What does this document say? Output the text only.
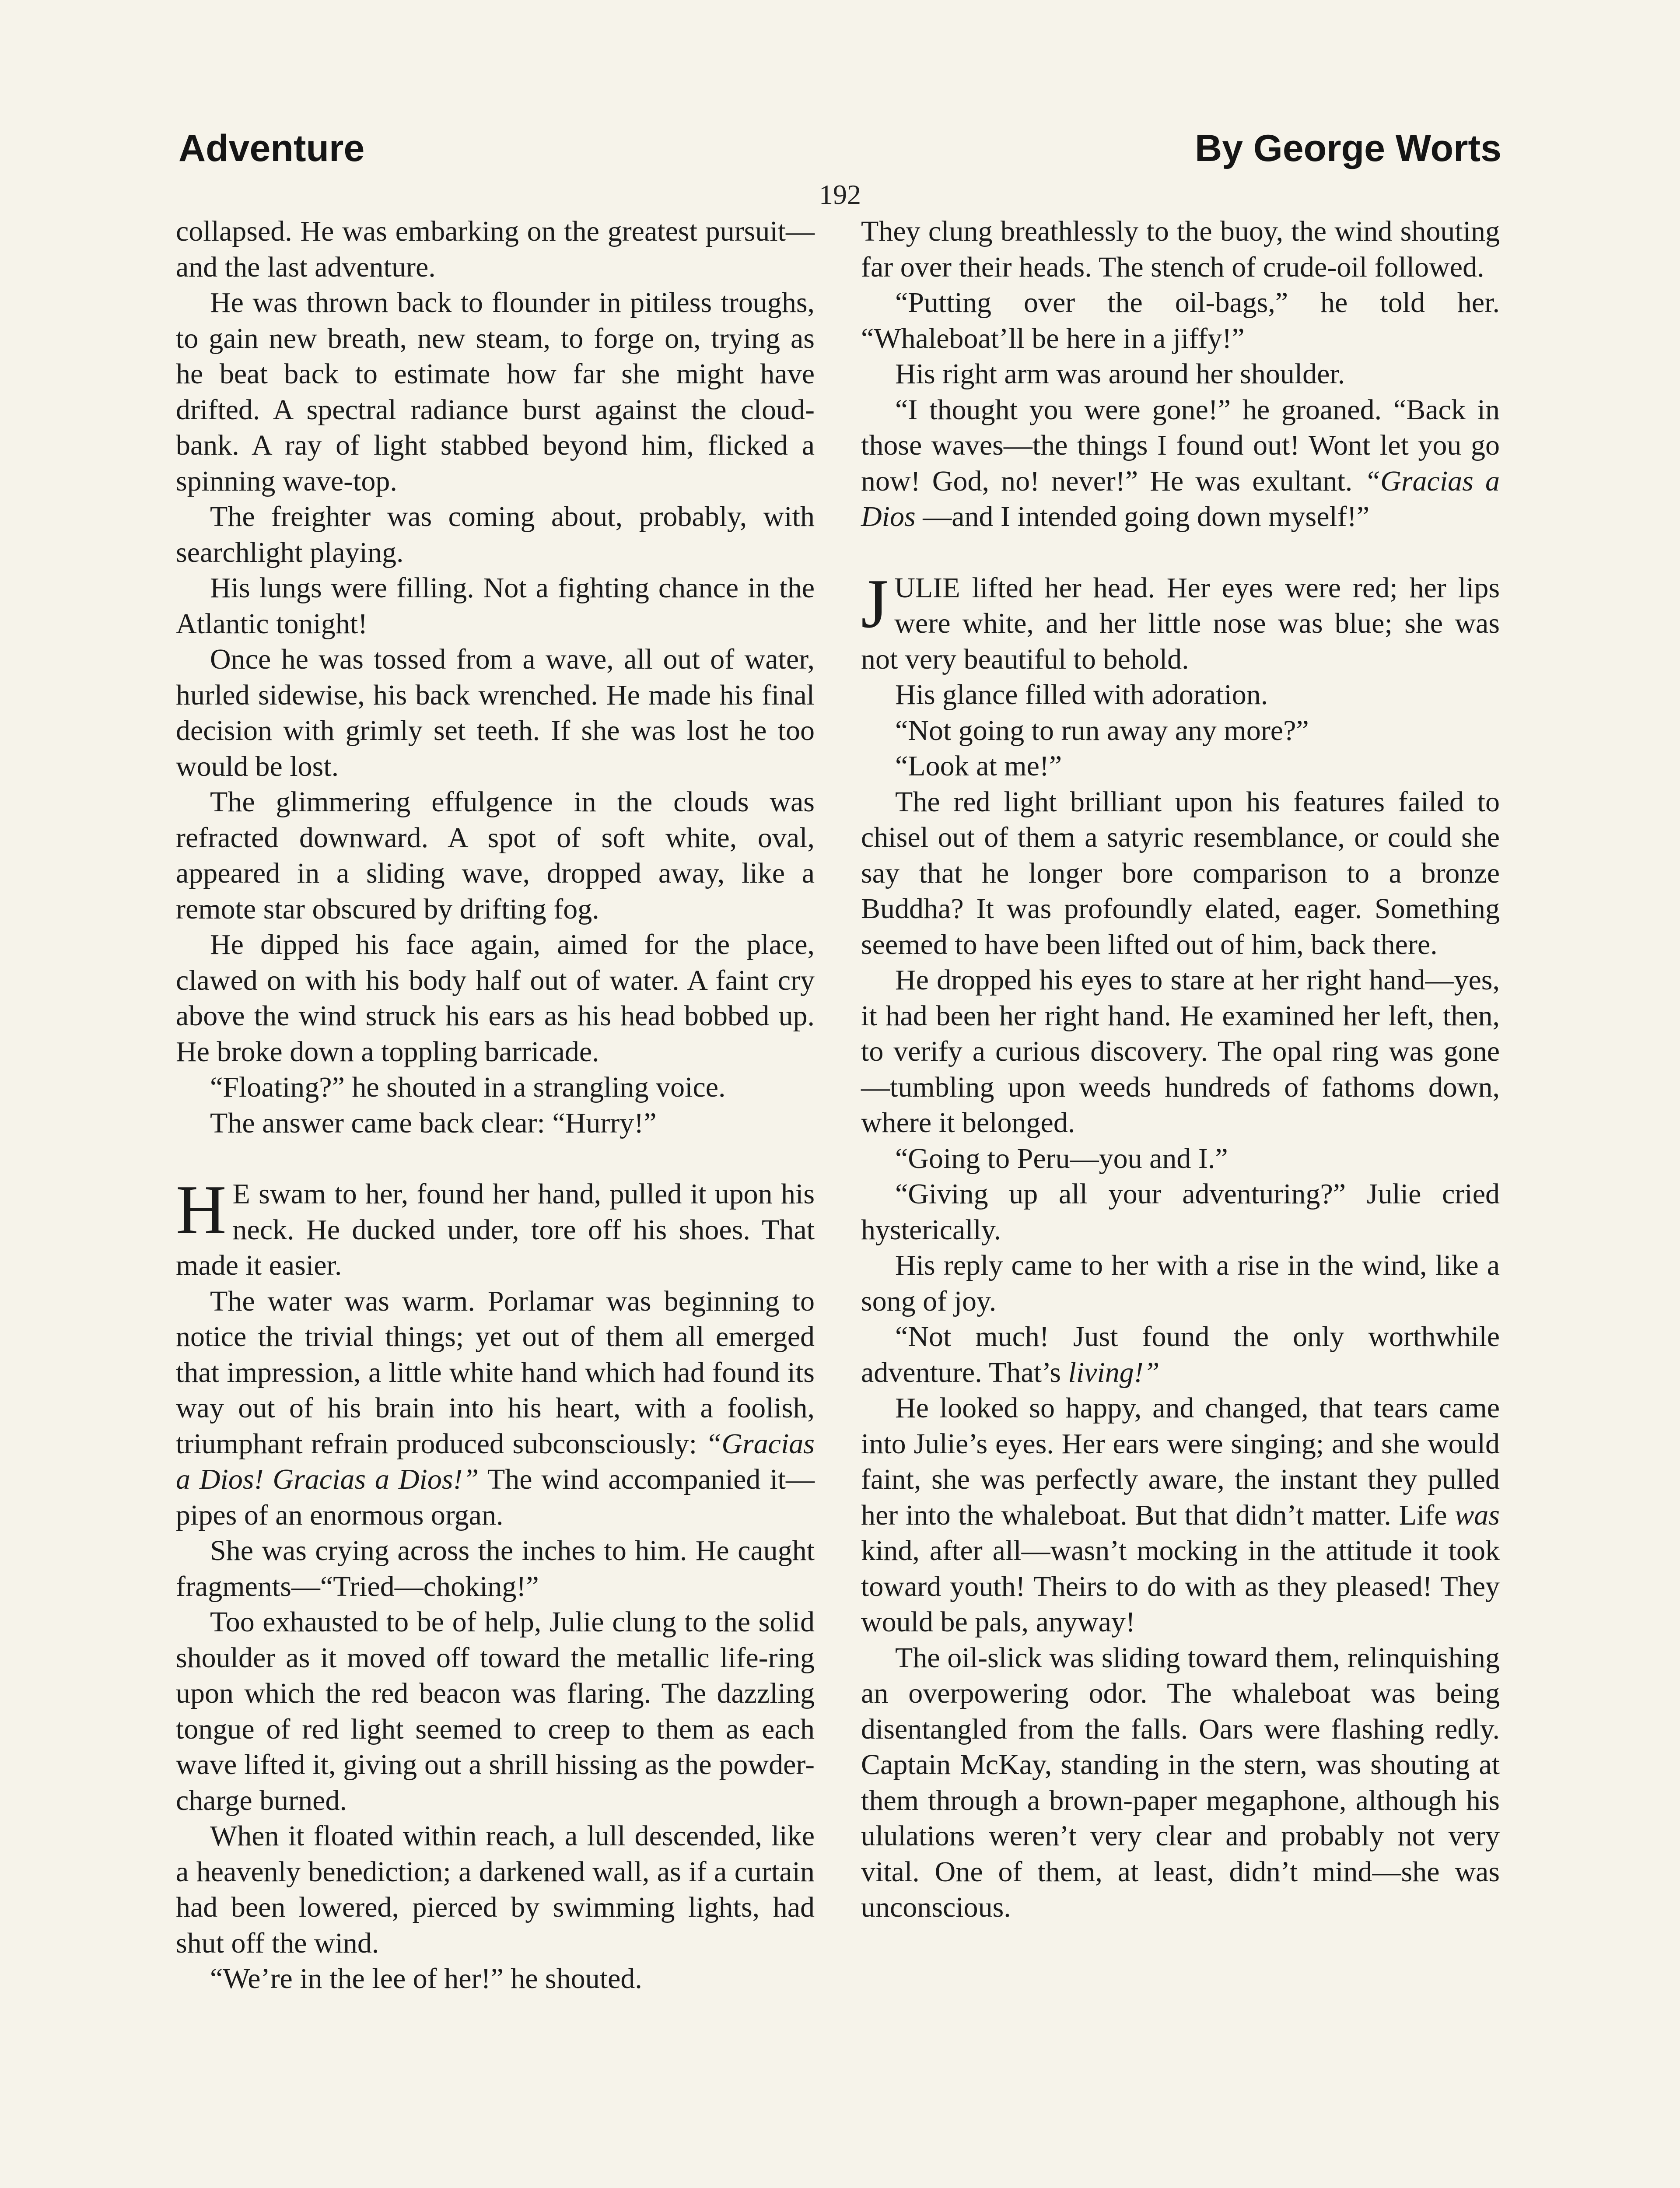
Adventure	By George Worts
192

collapsed. He was embarking on the greatest pursuit—and the last adventure.

He was thrown back to flounder in pitiless troughs, to gain new breath, new steam, to forge on, trying as he beat back to estimate how far she might have drifted. A spectral radiance burst against the cloud-bank. A ray of light stabbed beyond him, flicked a spinning wave-top.

The freighter was coming about, probably, with searchlight playing.

His lungs were filling. Not a fighting chance in the Atlantic tonight!

Once he was tossed from a wave, all out of water, hurled sidewise, his back wrenched. He made his final decision with grimly set teeth. If she was lost he too would be lost.

The glimmering effulgence in the clouds was refracted downward. A spot of soft white, oval, appeared in a sliding wave, dropped away, like a remote star obscured by drifting fog.

He dipped his face again, aimed for the place, clawed on with his body half out of water. A faint cry above the wind struck his ears as his head bobbed up. He broke down a toppling barricade.

“Floating?” he shouted in a strangling voice.

The answer came back clear: “Hurry!”

H E swam to her, found her hand, pulled it upon his neck. He ducked under, tore off his shoes. That made it easier.

The water was warm. Porlamar was beginning to notice the trivial things; yet out of them all emerged that impression, a little white hand which had found its way out of his brain into his heart, with a foolish, triumphant refrain produced subconsciously: “Gracias a Dios! Gracias a Dios!” The wind accompanied it—pipes of an enormous organ.

She was crying across the inches to him. He caught fragments—“Tried—choking!”

Too exhausted to be of help, Julie clung to the solid shoulder as it moved off toward the metallic life-ring upon which the red beacon was flaring. The dazzling tongue of red light seemed to creep to them as each wave lifted it, giving out a shrill hissing as the powder-charge burned.

When it floated within reach, a lull descended, like a heavenly benediction; a darkened wall, as if a curtain had been lowered, pierced by swimming lights, had shut off the wind.

“We’re in the lee of her!” he shouted.

They clung breathlessly to the buoy, the wind shouting far over their heads. The stench of crude-oil followed.

“Putting over the oil-bags,” he told her. “Whaleboat’ll be here in a jiffy!”

His right arm was around her shoulder.

“I thought you were gone!” he groaned. “Back in those waves—the things I found out! Wont let you go now! God, no! never!” He was exultant. “Gracias a Dios —and I intended going down myself!”

JULIE lifted her head. Her eyes were red; her lips were white, and her little nose was blue; she was not very beautiful to behold.

His glance filled with adoration.

“Not going to run away any more?”

“Look at me!”

The red light brilliant upon his features failed to chisel out of them a satyric resemblance, or could she say that he longer bore comparison to a bronze Buddha? It was profoundly elated, eager. Something seemed to have been lifted out of him, back there.

He dropped his eyes to stare at her right hand—yes, it had been her right hand. He examined her left, then, to verify a curious discovery. The opal ring was gone—tumbling upon weeds hundreds of fathoms down, where it belonged.

“Going to Peru—you and I.”

“Giving up all your adventuring?” Julie cried hysterically.

His reply came to her with a rise in the wind, like a song of joy.

“Not much! Just found the only worthwhile adventure. That’s living!”

He looked so happy, and changed, that tears came into Julie’s eyes. Her ears were singing; and she would faint, she was perfectly aware, the instant they pulled her into the whaleboat. But that didn’t matter. Life was kind, after all—wasn’t mocking in the attitude it took toward youth! Theirs to do with as they pleased! They would be pals, anyway!

The oil-slick was sliding toward them, relinquishing an overpowering odor. The whaleboat was being disentangled from the falls. Oars were flashing redly. Captain McKay, standing in the stern, was shouting at them through a brown-paper megaphone, although his ululations weren’t very clear and probably not very vital. One of them, at least, didn’t mind—she was unconscious.
